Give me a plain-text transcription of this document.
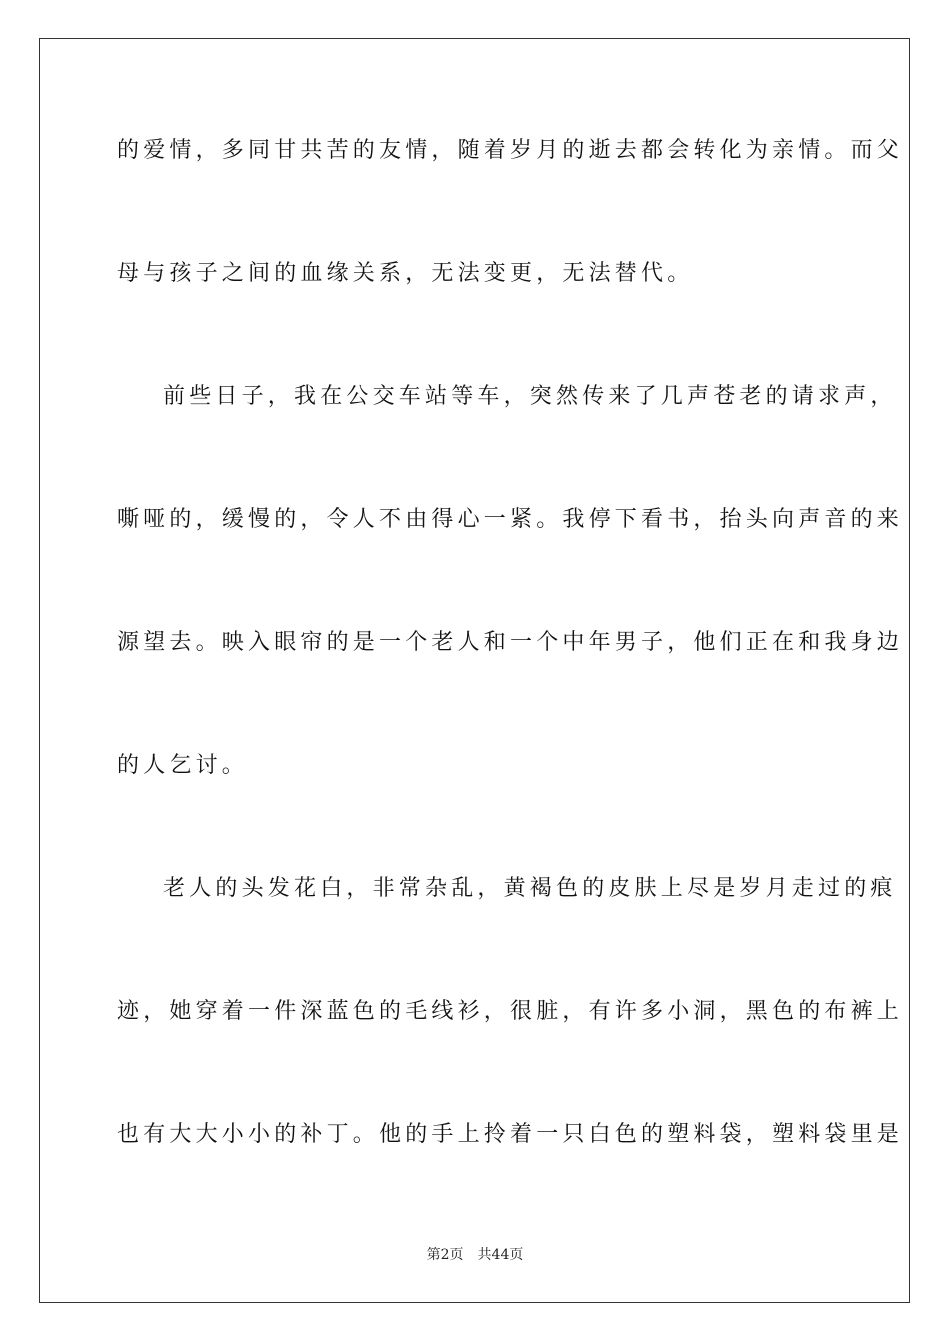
的爱情，多同甘共苦的友情，随着岁月的逝去都会转化为亲情。而父
母与孩子之间的血缘关系，无法变更，无法替代。
前些日子，我在公交车站等车，突然传来了几声苍老的请求声，
嘶哑的，缓慢的，令人不由得心一紧。我停下看书，抬头向声音的来
源望去。映入眼帘的是一个老人和一个中年男子，他们正在和我身边
的人乞讨。
老人的头发花白，非常杂乱，黄褐色的皮肤上尽是岁月走过的痕
迹，她穿着一件深蓝色的毛线衫，很脏，有许多小洞，黑色的布裤上
也有大大小小的补丁。他的手上拎着一只白色的塑料袋，塑料袋里是
第2页 共44页
